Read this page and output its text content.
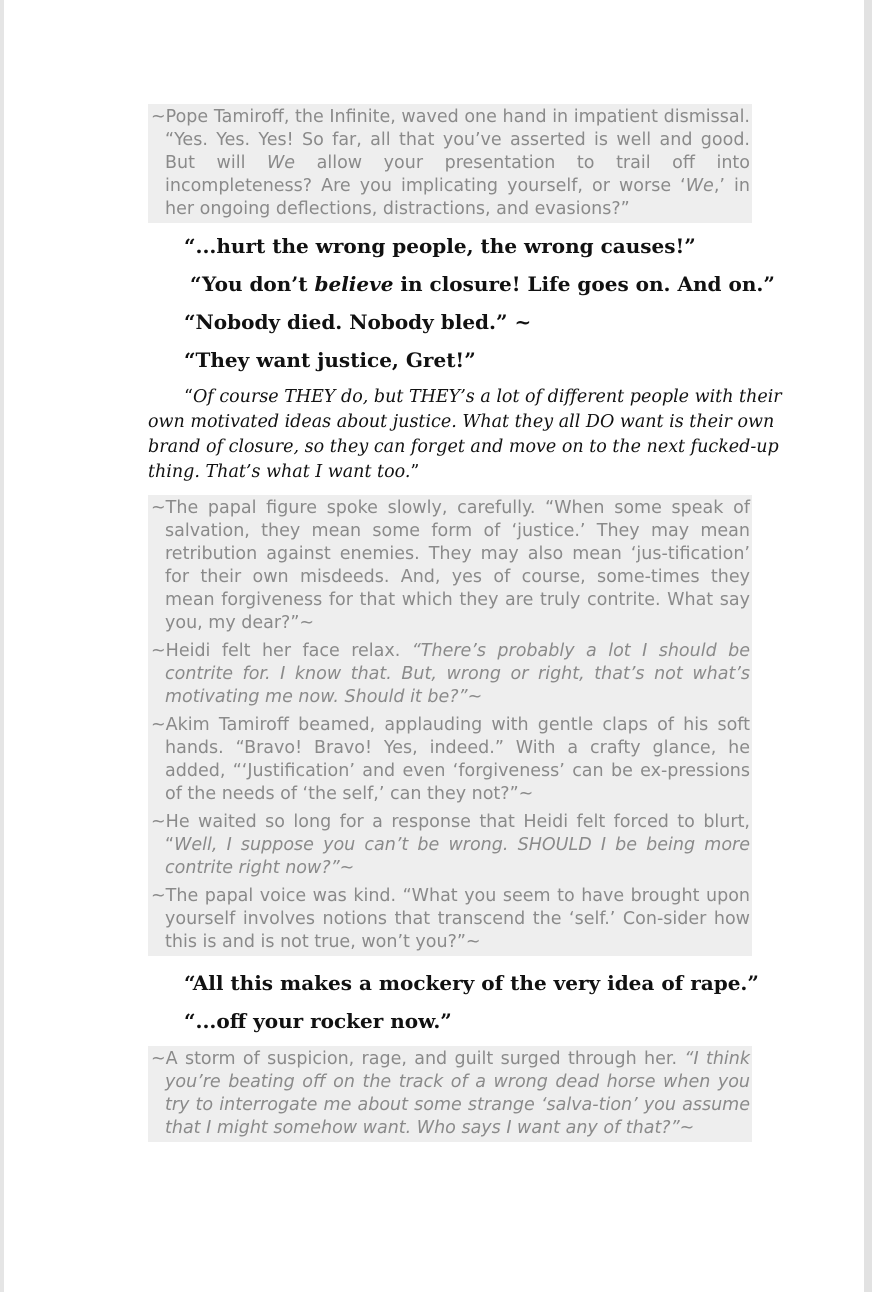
~Pope Tamiroff, the Infinite, waved one hand in impatient dismissal. “Yes. Yes. Yes! So far, all that you’ve asserted is well and good. But will We allow your presentation to trail off into incompleteness? Are you implicating yourself, or worse ‘We,’ in her ongoing deflections, distractions, and evasions?”

“...hurt the wrong people, the wrong causes!”
“You don’t believe in closure! Life goes on. And on.”
“Nobody died. Nobody bled.” ~
“They want justice, Gret!”

“Of course THEY do, but THEY’s a lot of different people with their own motivated ideas about justice. What they all DO want is their own brand of closure, so they can forget and move on to the next fucked-up thing. That’s what I want too.”

~The papal figure spoke slowly, carefully. “When some speak of salvation, they mean some form of ‘justice.’ They may mean retribution against enemies. They may also mean ‘jus-tification’ for their own misdeeds. And, yes of course, some-times they mean forgiveness for that which they are truly contrite. What say you, my dear?”~

~Heidi felt her face relax. “There’s probably a lot I should be contrite for. I know that. But, wrong or right, that’s not what’s motivating me now. Should it be?”~

~Akim Tamiroff beamed, applauding with gentle claps of his soft hands. “Bravo! Bravo! Yes, indeed.” With a crafty glance, he added, “‘Justification’ and even ‘forgiveness’ can be ex-pressions of the needs of ‘the self,’ can they not?”~

~He waited so long for a response that Heidi felt forced to blurt, “Well, I suppose you can’t be wrong. SHOULD I be being more contrite right now?”~

~The papal voice was kind. “What you seem to have brought upon yourself involves notions that transcend the ‘self.’ Con-sider how this is and is not true, won’t you?”~

“All this makes a mockery of the very idea of rape.”
“...off your rocker now.”

~A storm of suspicion, rage, and guilt surged through her. “I think you’re beating off on the track of a wrong dead horse when you try to interrogate me about some strange ‘salva-tion’ you assume that I might somehow want. Who says I want any of that?”~
